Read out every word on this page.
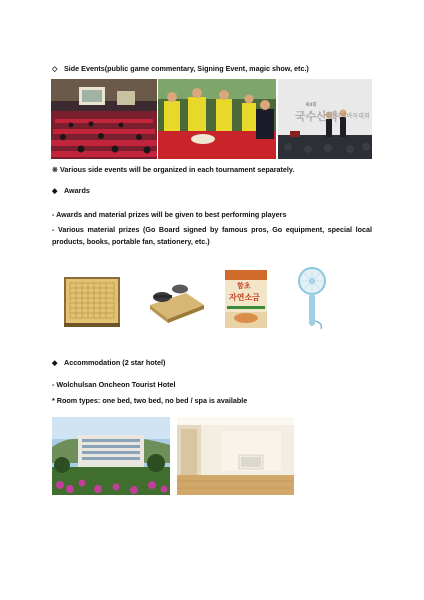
◇ Side Events(public game commentary, Signing Event, magic show, etc.)
제4회
국수산맥
국제바둑대회
※ Various side events will be organized in each tournament separately.
◆ Awards
- Awards and material prizes will be given to best performing players
- Various material prizes (Go Board signed by famous pros, Go equipment, special local products, books, portable fan, stationery, etc.)
함초
자연소금
◆ Accommodation (2 star hotel)
- Wolchulsan Oncheon Tourist Hotel
* Room types: one bed, two bed, no bed / spa is available
